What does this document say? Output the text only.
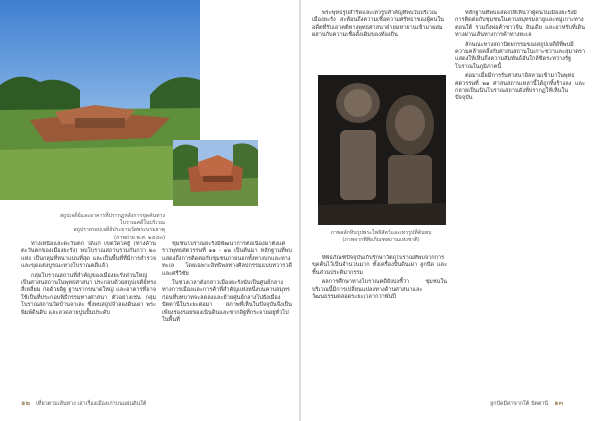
สถูปเจดีย์และอาคารที่ปรากฏหลังการขุดค้นทางโบราณคดีในบริเวณ
สถูปรายรอบเจดีย์ประธานวัดพระบรมธาตุ
(ภาพถ่าย พ.ศ. ๒๕๔๓)

ทางเหนือและตะวันตก ได้แก่ เขตวัดโคยู้ (ทางด้านตะวันตกของเมืองยะรัง) พบโบราณสถานรวมกันกว่า ๒๐ แห่ง เป็นกลุ่มที่หนาแน่นที่สุด และเป็นพื้นที่ที่มีการสำรวจและขุดแต่งบูรณะทางโบราณคดีแล้ว

กลุ่มโบราณสถานที่สำคัญของเมืองยะรังส่วนใหญ่เป็นศาสนสถานในพุทธศาสนา ประกอบด้วยสถูปเจดีย์ทรงสี่เหลี่ยม ก่อด้วยอิฐ ฐานรากขนาดใหญ่ และอาคารที่อาจใช้เป็นที่ประกอบพิธีกรรมทางศาสนา ตัวอย่างเช่น กลุ่มโบราณสถานวัดบ้านจาเละ ซึ่งพบสถูปจำลองดินเผา พระพิมพ์ดินดิบ และลวดลายปูนปั้นประดับ

ชุมชนโบราณยะรังมีพัฒนาการต่อเนื่องมาตั้งแต่ราวพุทธศตวรรษที่ ๑๑ - ๑๒ เป็นต้นมา หลักฐานที่พบแสดงถึงการติดต่อกับชุมชนภายนอกทั้งทางบกและทางทะเล โดยเฉพาะอิทธิพลทางศิลปกรรมแบบทวารวดีและศรีวิชัย

ในช่วงเวลาดังกล่าวเมืองยะรังนับเป็นศูนย์กลางทางการเมืองและการค้าที่สำคัญแห่งหนึ่งบนคาบสมุทร ก่อนที่บทบาทจะลดลงและย้ายศูนย์กลางไปยังเมืองปัตตานีในระยะต่อมา สภาพที่เห็นในปัจจุบันจึงเป็นเพียงร่องรอยของเนินดินและซากอิฐที่กระจายอยู่ทั่วไปในพื้นที่

๑๒ เที่ยวตามเส้นทาง เล่าเรื่องเมืองเก่าบนแผ่นดินใต้

พระพุทธรูปสำริดและเทวรูปสำคัญที่พบในบริเวณเมืองยะรัง สะท้อนถึงความเชื่อความศรัทธาของผู้คนในอดีตที่รับเอาคติทางพุทธศาสนาฝ่ายมหายานเข้ามาผสมผสานกับความเชื่อดั้งเดิมของท้องถิ่น

ภาพสลักหินรูปพระโพธิสัตว์และเทวรูปที่ค้นพบ
(ภาพจากพิพิธภัณฑสถานแห่งชาติ)

พิพิธภัณฑ์ปัจจุบันเก็บรักษาวัตถุโบราณที่พบจากการขุดค้นไว้เป็นจำนวนมาก ทั้งเครื่องปั้นดินเผา ลูกปัด และชิ้นส่วนประติมากรรม

ผลการศึกษาทางโบราณคดียังบ่งชี้ว่า ชุมชนในบริเวณนี้มีการเปลี่ยนแปลงทางด้านศาสนาและวัฒนธรรมตลอดระยะเวลากว่าพันปี

หลักฐานที่พบแสดงให้เห็นว่าผู้คนในเมืองยะรังมีการติดต่อกับชุมชนในคาบสมุทรมลายูและหมู่เกาะทางตอนใต้ รวมถึงพ่อค้าชาวจีน อินเดีย และอาหรับที่เดินทางผ่านเส้นทางการค้าทางทะเล

ลักษณะทางสถาปัตยกรรมของสถูปเจดีย์ที่พบมีความคล้ายคลึงกับศาสนสถานในเกาะชวาและสุมาตรา แสดงให้เห็นถึงความสัมพันธ์อันใกล้ชิดระหว่างรัฐโบราณในภูมิภาคนี้

ต่อมาเมื่อมีการรับศาสนาอิสลามเข้ามาในพุทธศตวรรษที่ ๒๑ ศาสนสถานเหล่านี้ได้ถูกทิ้งร้างลง และกลายเป็นเนินโบราณสถานดังที่ปรากฏให้เห็นในปัจจุบัน

ลูกปัดมีค่าจากใต้ ปัตตานี ๑๓
